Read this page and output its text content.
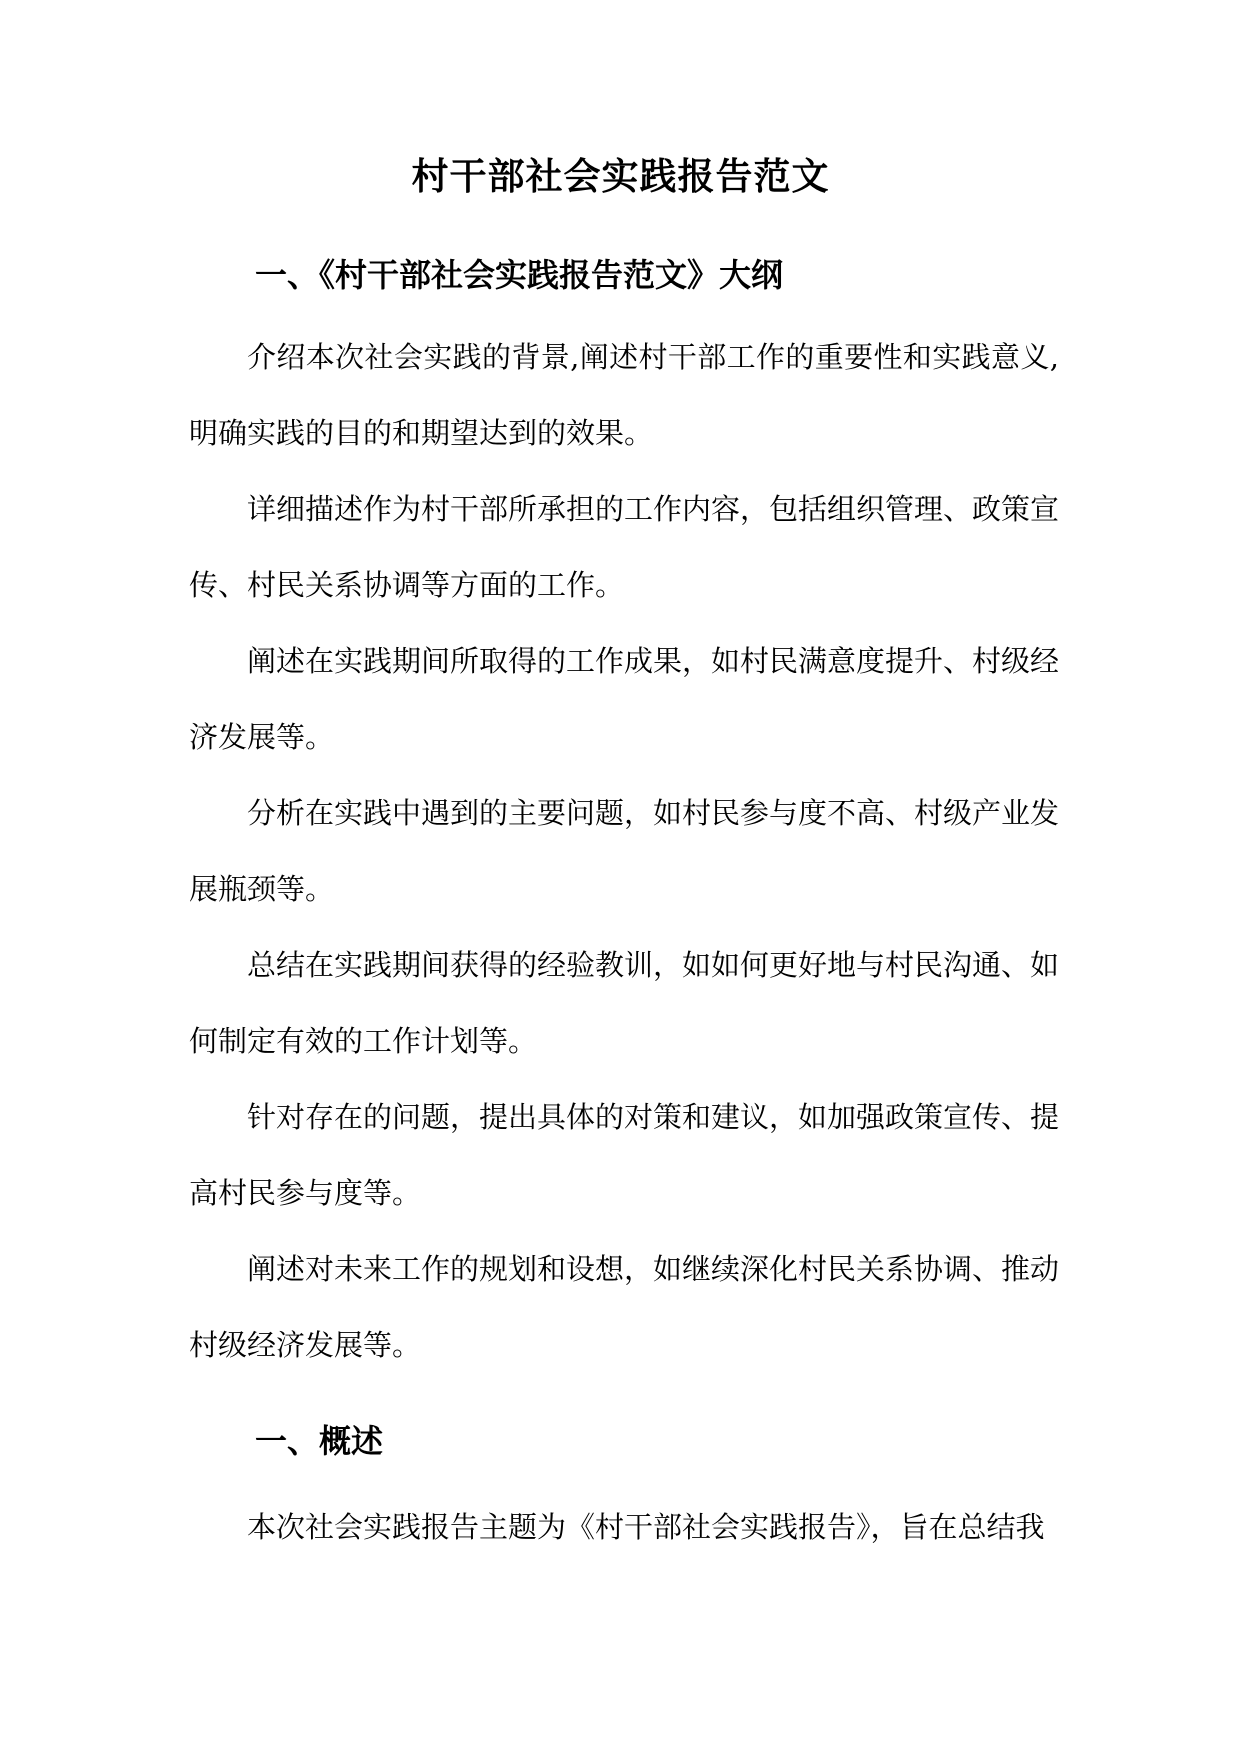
村干部社会实践报告范文
一、《村干部社会实践报告范文》大纲

介绍本次社会实践的背景,阐述村干部工作的重要性和实践意义,明确实践的目的和期望达到的效果。

详细描述作为村干部所承担的工作内容，包括组织管理、政策宣传、村民关系协调等方面的工作。

阐述在实践期间所取得的工作成果，如村民满意度提升、村级经济发展等。

分析在实践中遇到的主要问题，如村民参与度不高、村级产业发展瓶颈等。

总结在实践期间获得的经验教训，如如何更好地与村民沟通、如何制定有效的工作计划等。

针对存在的问题，提出具体的对策和建议，如加强政策宣传、提高村民参与度等。

阐述对未来工作的规划和设想，如继续深化村民关系协调、推动村级经济发展等。

一、概述

本次社会实践报告主题为《村干部社会实践报告》，旨在总结我
